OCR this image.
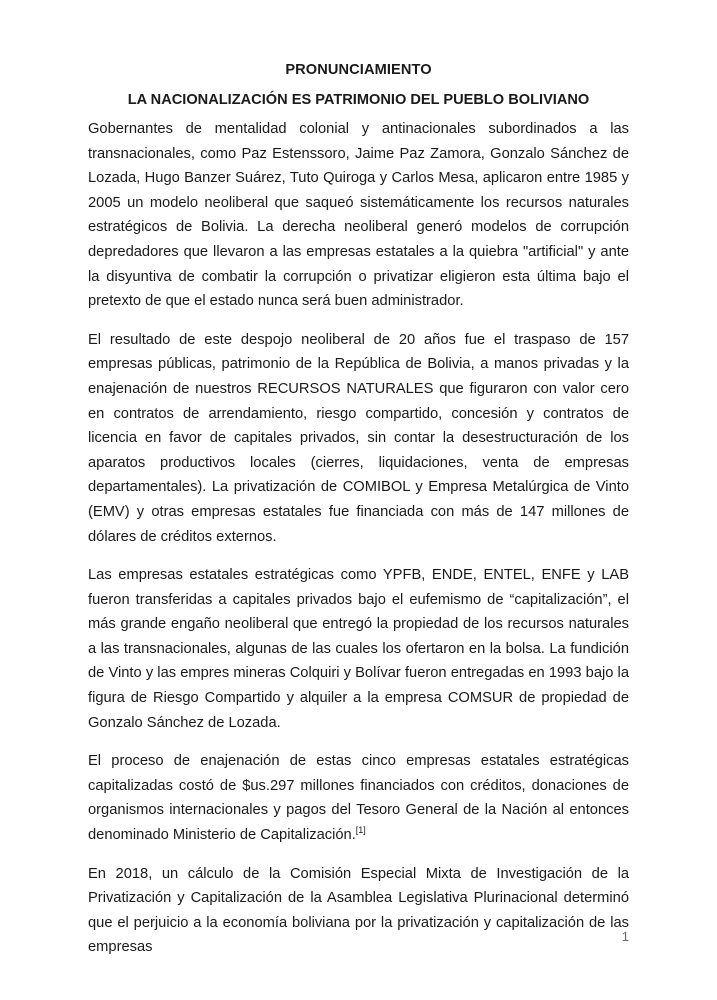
PRONUNCIAMIENTO
LA NACIONALIZACIÓN ES PATRIMONIO DEL PUEBLO BOLIVIANO

Gobernantes de mentalidad colonial y antinacionales subordinados a las transnacionales, como Paz Estenssoro, Jaime Paz Zamora, Gonzalo Sánchez de Lozada, Hugo Banzer Suárez, Tuto Quiroga y Carlos Mesa, aplicaron entre 1985 y 2005 un modelo neoliberal que saqueó sistemáticamente los recursos naturales estratégicos de Bolivia. La derecha neoliberal generó modelos de corrupción depredadores que llevaron a las empresas estatales a la quiebra "artificial" y ante la disyuntiva de combatir la corrupción o privatizar eligieron esta última bajo el pretexto de que el estado nunca será buen administrador.

El resultado de este despojo neoliberal de 20 años fue el traspaso de 157 empresas públicas, patrimonio de la República de Bolivia, a manos privadas y la enajenación de nuestros RECURSOS NATURALES que figuraron con valor cero en contratos de arrendamiento, riesgo compartido, concesión y contratos de licencia en favor de capitales privados, sin contar la desestructuración de los aparatos productivos locales (cierres, liquidaciones, venta de empresas departamentales). La privatización de COMIBOL y Empresa Metalúrgica de Vinto (EMV) y otras empresas estatales fue financiada con más de 147 millones de dólares de créditos externos.

Las empresas estatales estratégicas como YPFB, ENDE, ENTEL, ENFE y LAB fueron transferidas a capitales privados bajo el eufemismo de “capitalización”, el más grande engaño neoliberal que entregó la propiedad de los recursos naturales a las transnacionales, algunas de las cuales los ofertaron en la bolsa. La fundición de Vinto y las empres mineras Colquiri y Bolívar fueron entregadas en 1993 bajo la figura de Riesgo Compartido y alquiler a la empresa COMSUR de propiedad de Gonzalo Sánchez de Lozada.

El proceso de enajenación de estas cinco empresas estatales estratégicas capitalizadas costó de $us.297 millones financiados con créditos, donaciones de organismos internacionales y pagos del Tesoro General de la Nación al entonces denominado Ministerio de Capitalización.[1]

En 2018, un cálculo de la Comisión Especial Mixta de Investigación de la Privatización y Capitalización de la Asamblea Legislativa Plurinacional determinó que el perjuicio a la economía boliviana por la privatización y capitalización de las empresas

1
